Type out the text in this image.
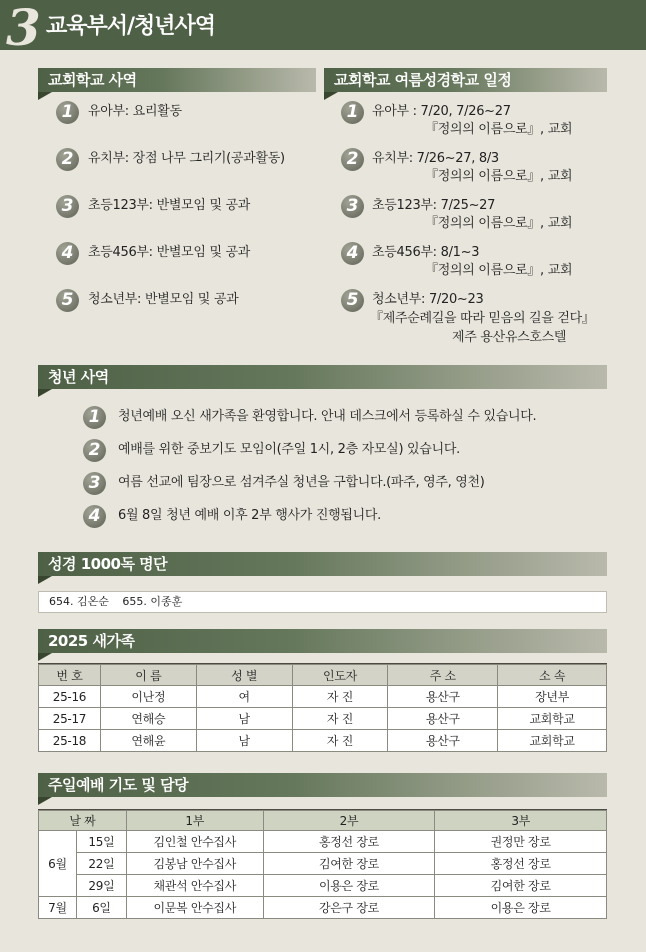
3 교육부서/청년사역
교회학교 사역
1	유아부: 요리활동
2	유치부: 장점 나무 그리기(공과활동)
3	초등123부: 반별모임 및 공과
4	초등456부: 반별모임 및 공과
5	청소년부: 반별모임 및 공과
교회학교 여름성경학교 일정
1	유아부 : 7/20, 7/26~27
『정의의 이름으로』, 교회
2	유치부: 7/26~27, 8/3
『정의의 이름으로』, 교회
3	초등123부: 7/25~27
『정의의 이름으로』, 교회
4	초등456부: 8/1~3
『정의의 이름으로』, 교회
5	청소년부: 7/20~23
『제주순례길을 따라 믿음의 길을 걷다』
제주 용산유스호스텔
청년 사역
1	청년예배 오신 새가족을 환영합니다. 안내 데스크에서 등록하실 수 있습니다.
2	예배를 위한 중보기도 모임이(주일 1시, 2층 자모실) 있습니다.
3	여름 선교에 팀장으로 섬겨주실 청년을 구합니다.(파주, 영주, 영천)
4	6월 8일 청년 예배 이후 2부 행사가 진행됩니다.
성경 1000독 명단
654. 김온순 655. 이종훈
2025 새가족
번 호	이 름	성 별	인도자	주 소	소 속
25-16	이난정	여	자 진	용산구	장년부
25-17	연해승	남	자 진	용산구	교회학교
25-18	연해윤	남	자 진	용산구	교회학교
주일예배 기도 및 담당
날 짜		1부	2부	3부
6월	15일	김인철 안수집사	홍정선 장로	권정만 장로
	22일	김봉남 안수집사	김여한 장로	홍정선 장로
	29일	채관석 안수집사	이용은 장로	김여한 장로
7월	6일	이문복 안수집사	강은구 장로	이용은 장로
